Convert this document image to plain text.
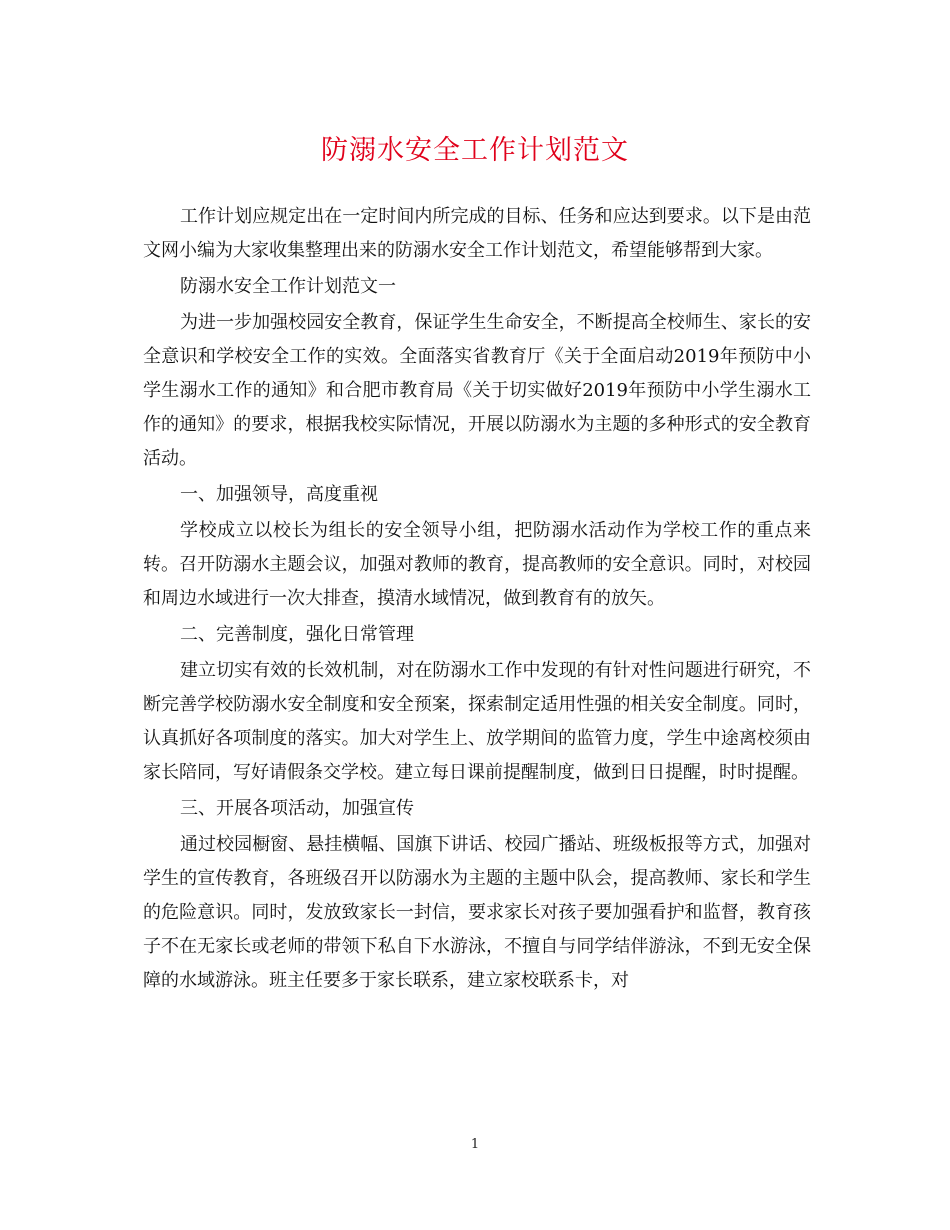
防溺水安全工作计划范文

工作计划应规定出在一定时间内所完成的目标、任务和应达到要求。以下是由范文网小编为大家收集整理出来的防溺水安全工作计划范文，希望能够帮到大家。

防溺水安全工作计划范文一

为进一步加强校园安全教育，保证学生生命安全，不断提高全校师生、家长的安全意识和学校安全工作的实效。全面落实省教育厅《关于全面启动2019年预防中小学生溺水工作的通知》和合肥市教育局《关于切实做好2019年预防中小学生溺水工作的通知》的要求，根据我校实际情况，开展以防溺水为主题的多种形式的安全教育活动。

一、加强领导，高度重视

学校成立以校长为组长的安全领导小组，把防溺水活动作为学校工作的重点来转。召开防溺水主题会议，加强对教师的教育，提高教师的安全意识。同时，对校园和周边水域进行一次大排查，摸清水域情况，做到教育有的放矢。

二、完善制度，强化日常管理

建立切实有效的长效机制，对在防溺水工作中发现的有针对性问题进行研究，不断完善学校防溺水安全制度和安全预案，探索制定适用性强的相关安全制度。同时，认真抓好各项制度的落实。加大对学生上、放学期间的监管力度，学生中途离校须由家长陪同，写好请假条交学校。建立每日课前提醒制度，做到日日提醒，时时提醒。

三、开展各项活动，加强宣传

通过校园橱窗、悬挂横幅、国旗下讲话、校园广播站、班级板报等方式，加强对学生的宣传教育，各班级召开以防溺水为主题的主题中队会，提高教师、家长和学生的危险意识。同时，发放致家长一封信，要求家长对孩子要加强看护和监督，教育孩子不在无家长或老师的带领下私自下水游泳，不擅自与同学结伴游泳，不到无安全保障的水域游泳。班主任要多于家长联系，建立家校联系卡，对

1
